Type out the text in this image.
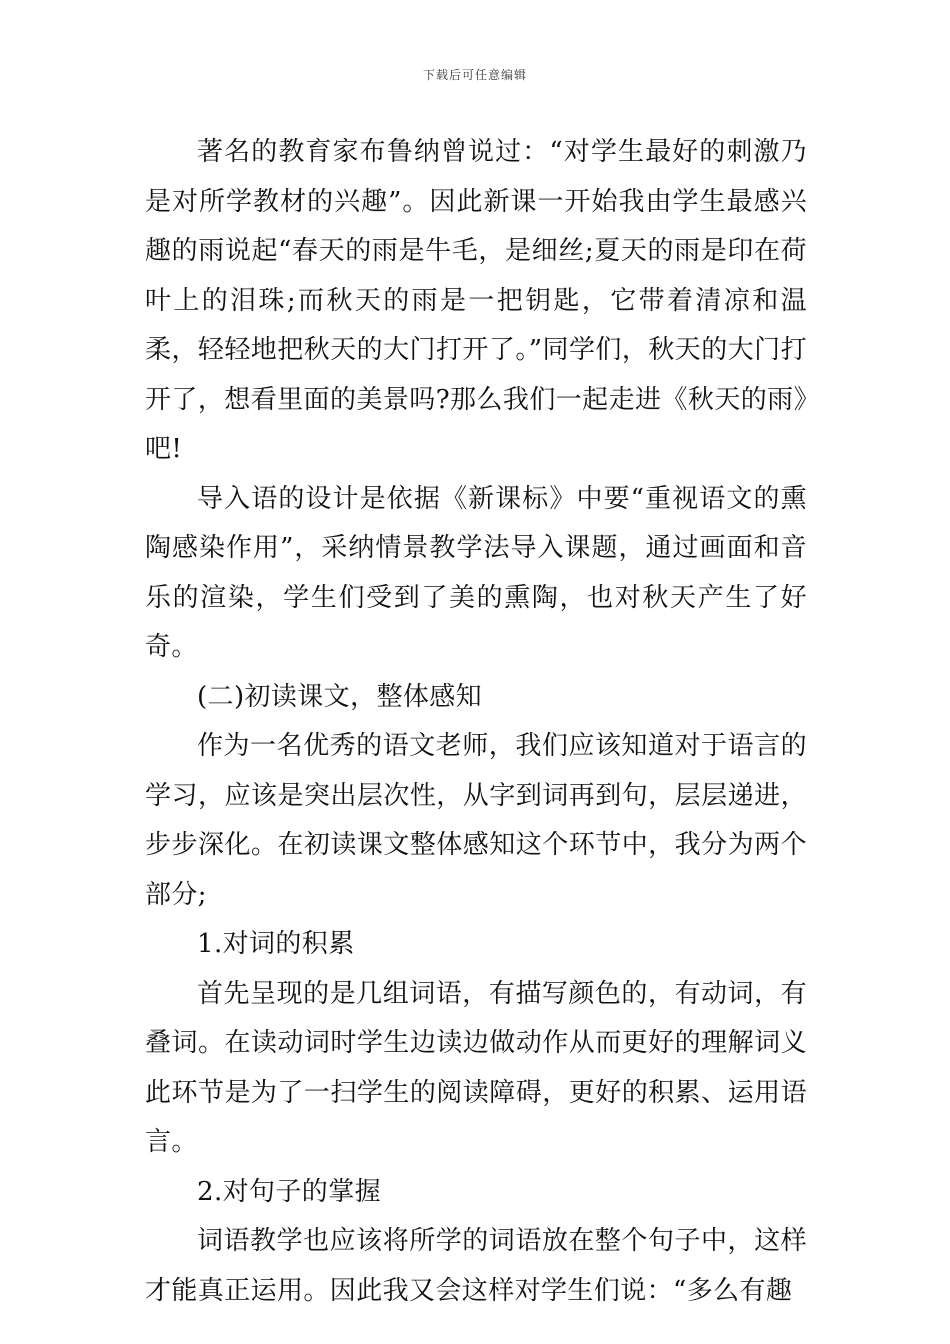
下载后可任意编辑

著名的教育家布鲁纳曾说过：“对学生最好的刺激乃是对所学教材的兴趣”。因此新课一开始我由学生最感兴趣的雨说起“春天的雨是牛毛，是细丝;夏天的雨是印在荷叶上的泪珠;而秋天的雨是一把钥匙，它带着清凉和温柔，轻轻地把秋天的大门打开了。”同学们，秋天的大门打开了，想看里面的美景吗?那么我们一起走进《秋天的雨》吧!

导入语的设计是依据《新课标》中要“重视语文的熏陶感染作用”，采纳情景教学法导入课题，通过画面和音乐的渲染，学生们受到了美的熏陶，也对秋天产生了好奇。

(二)初读课文，整体感知

作为一名优秀的语文老师，我们应该知道对于语言的学习，应该是突出层次性，从字到词再到句，层层递进，步步深化。在初读课文整体感知这个环节中，我分为两个部分;

1.对词的积累

首先呈现的是几组词语，有描写颜色的，有动词，有叠词。在读动词时学生边读边做动作从而更好的理解词义此环节是为了一扫学生的阅读障碍，更好的积累、运用语言。

2.对句子的掌握

词语教学也应该将所学的词语放在整个句子中，这样才能真正运用。因此我又会这样对学生们说：“多么有趣
